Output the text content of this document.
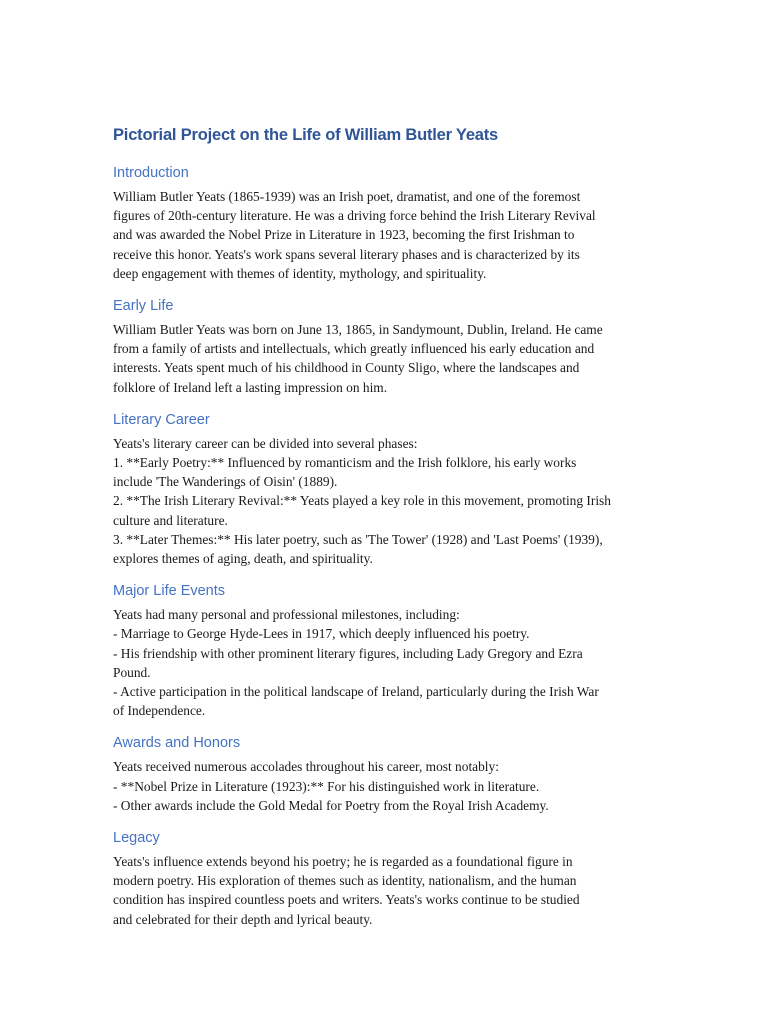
Pictorial Project on the Life of William Butler Yeats
Introduction

William Butler Yeats (1865-1939) was an Irish poet, dramatist, and one of the foremost
figures of 20th-century literature. He was a driving force behind the Irish Literary Revival
and was awarded the Nobel Prize in Literature in 1923, becoming the first Irishman to
receive this honor. Yeats's work spans several literary phases and is characterized by its
deep engagement with themes of identity, mythology, and spirituality.

Early Life

William Butler Yeats was born on June 13, 1865, in Sandymount, Dublin, Ireland. He came
from a family of artists and intellectuals, which greatly influenced his early education and
interests. Yeats spent much of his childhood in County Sligo, where the landscapes and
folklore of Ireland left a lasting impression on him.

Literary Career

Yeats's literary career can be divided into several phases:
1. **Early Poetry:** Influenced by romanticism and the Irish folklore, his early works
include 'The Wanderings of Oisin' (1889).
2. **The Irish Literary Revival:** Yeats played a key role in this movement, promoting Irish
culture and literature.
3. **Later Themes:** His later poetry, such as 'The Tower' (1928) and 'Last Poems' (1939),
explores themes of aging, death, and spirituality.

Major Life Events

Yeats had many personal and professional milestones, including:
- Marriage to George Hyde-Lees in 1917, which deeply influenced his poetry.
- His friendship with other prominent literary figures, including Lady Gregory and Ezra
Pound.
- Active participation in the political landscape of Ireland, particularly during the Irish War
of Independence.

Awards and Honors

Yeats received numerous accolades throughout his career, most notably:
- **Nobel Prize in Literature (1923):** For his distinguished work in literature.
- Other awards include the Gold Medal for Poetry from the Royal Irish Academy.

Legacy

Yeats's influence extends beyond his poetry; he is regarded as a foundational figure in
modern poetry. His exploration of themes such as identity, nationalism, and the human
condition has inspired countless poets and writers. Yeats's works continue to be studied
and celebrated for their depth and lyrical beauty.
